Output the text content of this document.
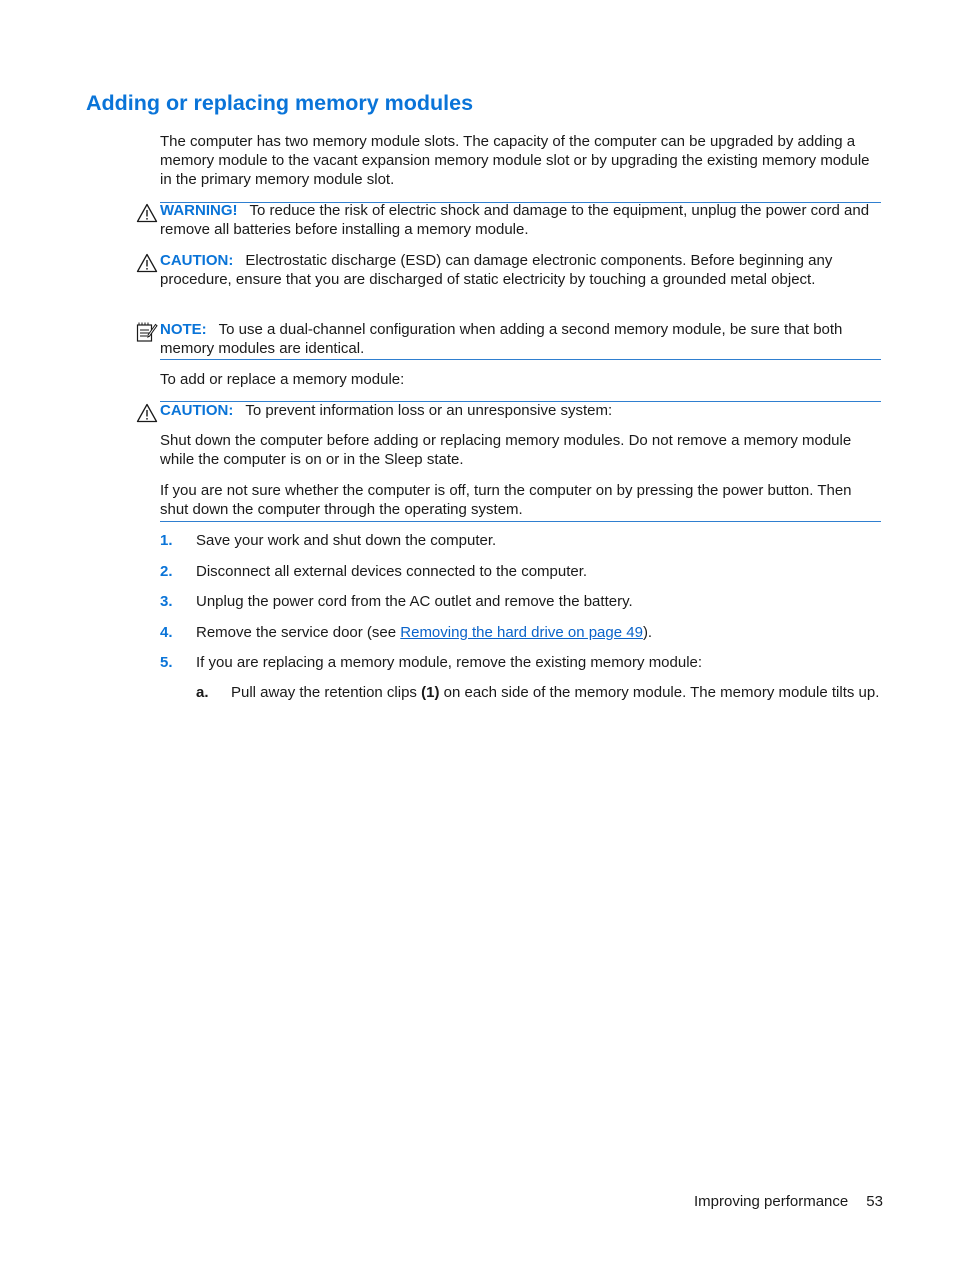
Adding or replacing memory modules

The computer has two memory module slots. The capacity of the computer can be upgraded by adding a memory module to the vacant expansion memory module slot or by upgrading the existing memory module in the primary memory module slot.

WARNING! To reduce the risk of electric shock and damage to the equipment, unplug the power cord and remove all batteries before installing a memory module.

CAUTION: Electrostatic discharge (ESD) can damage electronic components. Before beginning any procedure, ensure that you are discharged of static electricity by touching a grounded metal object.

NOTE: To use a dual-channel configuration when adding a second memory module, be sure that both memory modules are identical.

To add or replace a memory module:

CAUTION: To prevent information loss or an unresponsive system:

Shut down the computer before adding or replacing memory modules. Do not remove a memory module while the computer is on or in the Sleep state.

If you are not sure whether the computer is off, turn the computer on by pressing the power button. Then shut down the computer through the operating system.

1. Save your work and shut down the computer.
2. Disconnect all external devices connected to the computer.
3. Unplug the power cord from the AC outlet and remove the battery.
4. Remove the service door (see Removing the hard drive on page 49).
5. If you are replacing a memory module, remove the existing memory module:
a. Pull away the retention clips (1) on each side of the memory module. The memory module tilts up.
Improving performance 53
